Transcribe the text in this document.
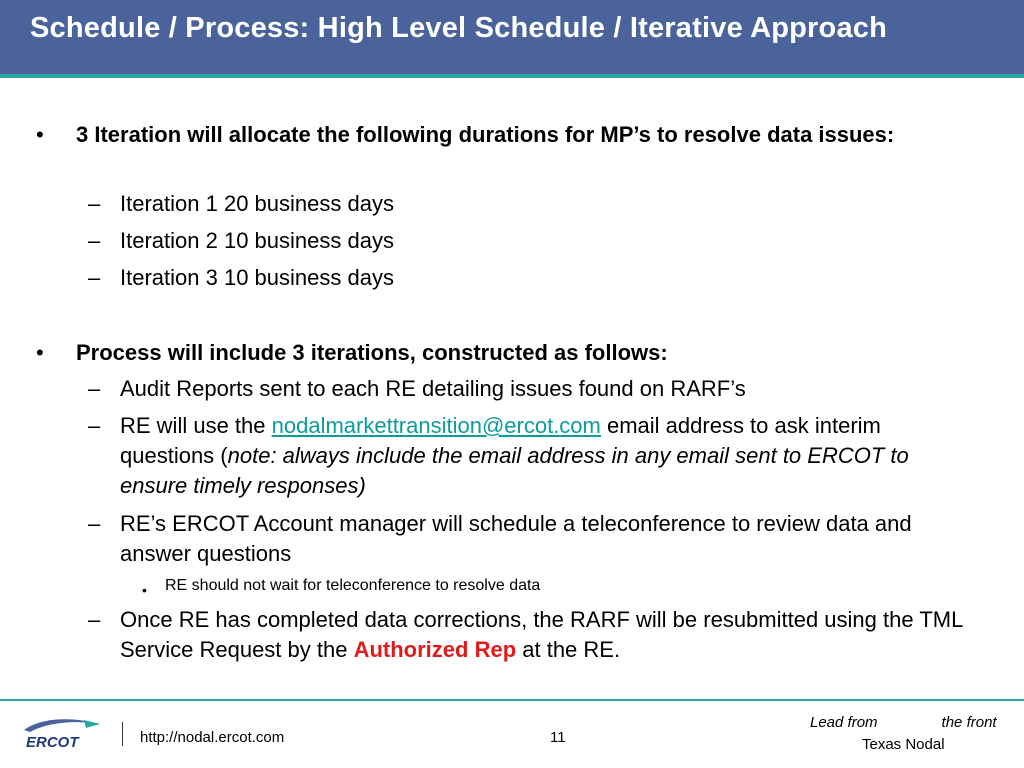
Schedule / Process: High Level Schedule / Iterative Approach
• 3 Iteration will allocate the following durations for MP’s to resolve data issues:
– Iteration 1 20 business days
– Iteration 2 10 business days
– Iteration 3 10 business days
• Process will include 3 iterations, constructed as follows:
– Audit Reports sent to each RE detailing issues found on RARF’s
– RE will use the nodalmarkettransition@ercot.com email address to ask interim questions (note: always include the email address in any email sent to ERCOT to ensure timely responses)
– RE’s ERCOT Account manager will schedule a teleconference to review data and answer questions
• RE should not wait for teleconference to resolve data
– Once RE has completed data corrections, the RARF will be resubmitted using the TML Service Request by the Authorized Rep at the RE.
ERCOT	http://nodal.ercot.com	11
Lead from	the front
Texas Nodal
